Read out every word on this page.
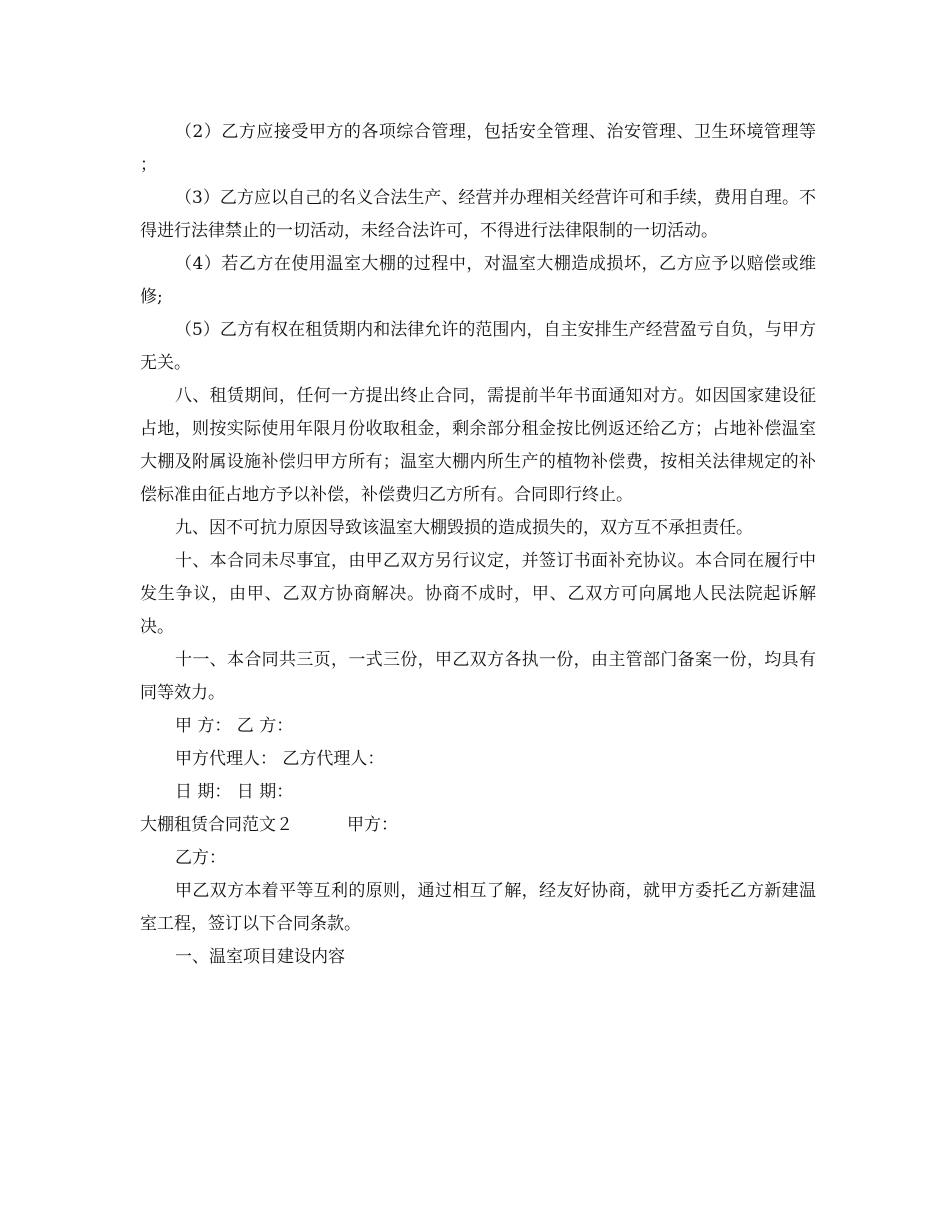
（2）乙方应接受甲方的各项综合管理，包括安全管理、治安管理、卫生环境管理等 ；

（3）乙方应以自己的名义合法生产、经营并办理相关经营许可和手续，费用自理。不得进行法律禁止的一切活动，未经合法许可，不得进行法律限制的一切活动。

（4）若乙方在使用温室大棚的过程中，对温室大棚造成损坏，乙方应予以赔偿或维修;

（5）乙方有权在租赁期内和法律允许的范围内，自主安排生产经营盈亏自负，与甲方无关。

八、租赁期间，任何一方提出终止合同，需提前半年书面通知对方。如因国家建设征占地，则按实际使用年限月份收取租金，剩余部分租金按比例返还给乙方；占地补偿温室大棚及附属设施补偿归甲方所有；温室大棚内所生产的植物补偿费，按相关法律规定的补偿标准由征占地方予以补偿，补偿费归乙方所有。合同即行终止。

九、因不可抗力原因导致该温室大棚毁损的造成损失的，双方互不承担责任。

十、本合同未尽事宜，由甲乙双方另行议定，并签订书面补充协议。本合同在履行中发生争议，由甲、乙双方协商解决。协商不成时，甲、乙双方可向属地人民法院起诉解决。

十一、本合同共三页，一式三份，甲乙双方各执一份，由主管部门备案一份，均具有同等效力。

甲 方： 乙 方：

甲方代理人： 乙方代理人：

日 期： 日 期：

大棚租赁合同范文２	甲方：

乙方：

甲乙双方本着平等互利的原则，通过相互了解，经友好协商，就甲方委托乙方新建温室工程，签订以下合同条款。

一、温室项目建设内容
